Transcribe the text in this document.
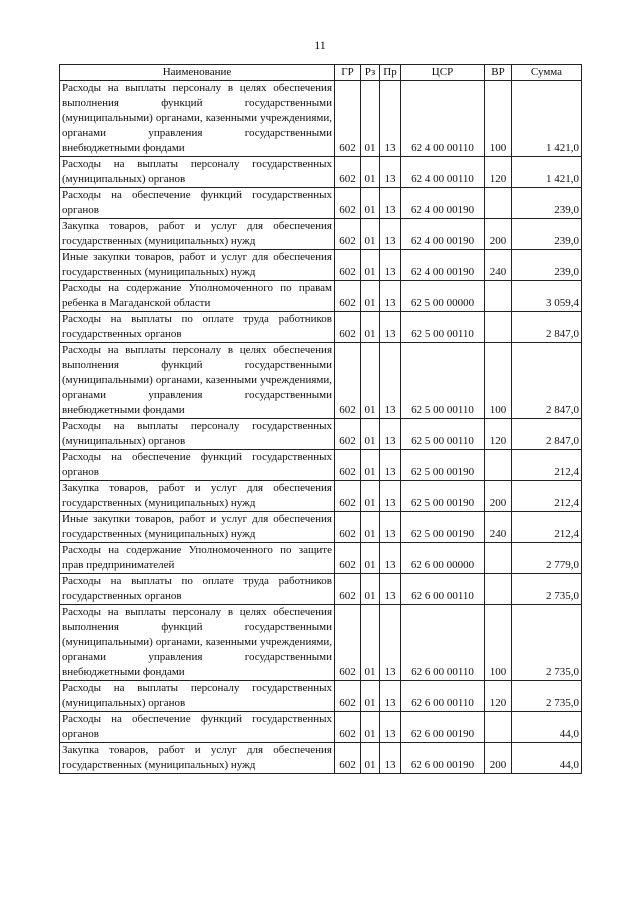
11
Наименование	ГР	Рз	Пр	ЦСР	ВР	Сумма
Расходы на выплаты персоналу в целях обеспечения выполнения функций государственными (муниципальными) органами, казенными учреждениями, органами управления государственными внебюджетными фондами	602	01	13	62 4 00 00110	100	1 421,0
Расходы на выплаты персоналу государственных (муниципальных) органов	602	01	13	62 4 00 00110	120	1 421,0
Расходы на обеспечение функций государственных органов	602	01	13	62 4 00 00190		239,0
Закупка товаров, работ и услуг для обеспечения государственных (муниципальных) нужд	602	01	13	62 4 00 00190	200	239,0
Иные закупки товаров, работ и услуг для обеспечения государственных (муниципальных) нужд	602	01	13	62 4 00 00190	240	239,0
Расходы на содержание Уполномоченного по правам ребенка в Магаданской области	602	01	13	62 5 00 00000		3 059,4
Расходы на выплаты по оплате труда работников государственных органов	602	01	13	62 5 00 00110		2 847,0
Расходы на выплаты персоналу в целях обеспечения выполнения функций государственными (муниципальными) органами, казенными учреждениями, органами управления государственными внебюджетными фондами	602	01	13	62 5 00 00110	100	2 847,0
Расходы на выплаты персоналу государственных (муниципальных) органов	602	01	13	62 5 00 00110	120	2 847,0
Расходы на обеспечение функций государственных органов	602	01	13	62 5 00 00190		212,4
Закупка товаров, работ и услуг для обеспечения государственных (муниципальных) нужд	602	01	13	62 5 00 00190	200	212,4
Иные закупки товаров, работ и услуг для обеспечения государственных (муниципальных) нужд	602	01	13	62 5 00 00190	240	212,4
Расходы на содержание Уполномоченного по защите прав предпринимателей	602	01	13	62 6 00 00000		2 779,0
Расходы на выплаты по оплате труда работников государственных органов	602	01	13	62 6 00 00110		2 735,0
Расходы на выплаты персоналу в целях обеспечения выполнения функций государственными (муниципальными) органами, казенными учреждениями, органами управления государственными внебюджетными фондами	602	01	13	62 6 00 00110	100	2 735,0
Расходы на выплаты персоналу государственных (муниципальных) органов	602	01	13	62 6 00 00110	120	2 735,0
Расходы на обеспечение функций государственных органов	602	01	13	62 6 00 00190		44,0
Закупка товаров, работ и услуг для обеспечения государственных (муниципальных) нужд	602	01	13	62 6 00 00190	200	44,0
